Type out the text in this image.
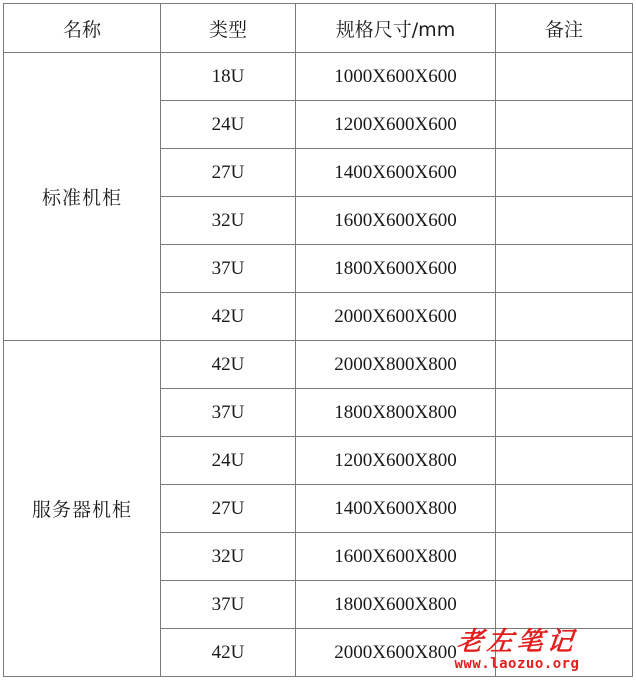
名称	类型	规格尺寸/mm	备注
标准机柜	18U	1000X600X600	
	24U	1200X600X600	
	27U	1400X600X600	
	32U	1600X600X600	
	37U	1800X600X600	
	42U	2000X600X600	
服务器机柜	42U	2000X800X800	
	37U	1800X800X800	
	24U	1200X600X800	
	27U	1400X600X800	
	32U	1600X600X800	
	37U	1800X600X800	
	42U	2000X600X800	
老左笔记
www.laozuo.org
